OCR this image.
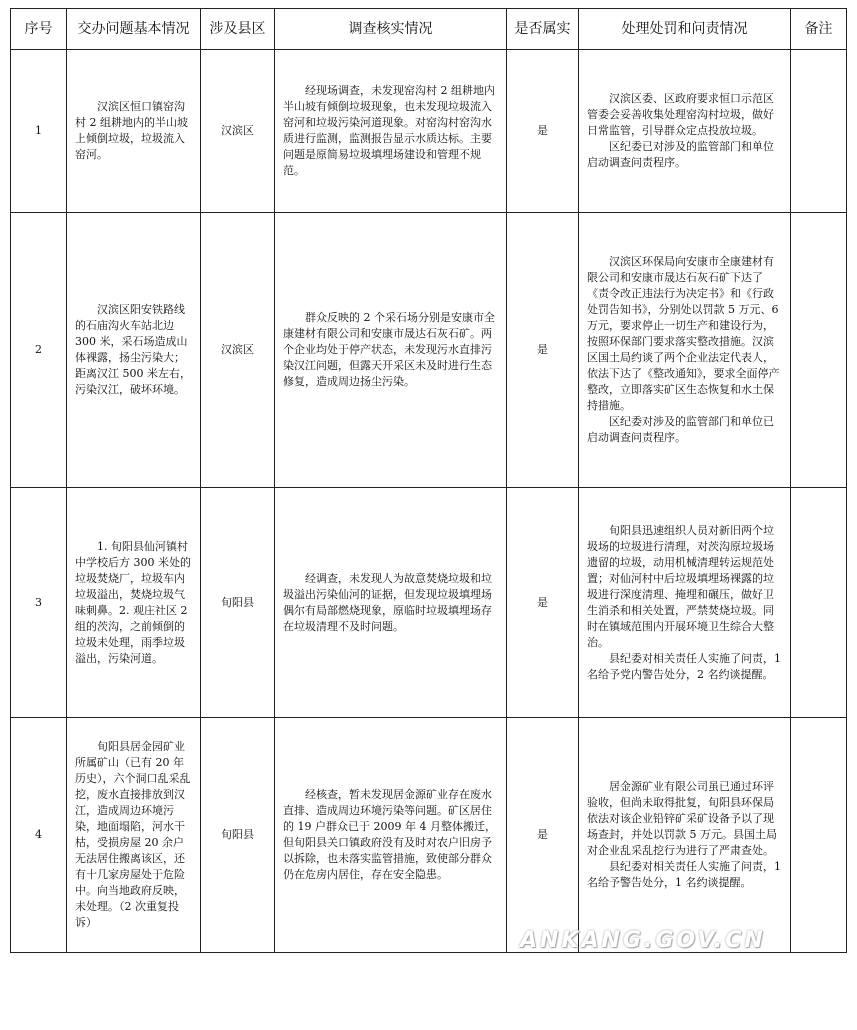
序号	交办问题基本情况	涉及县区	调查核实情况	是否属实	处理处罚和问责情况	备注
1	汉滨区恒口镇窑沟村 2 组耕地内的半山坡上倾倒垃圾，垃圾流入窑河。	汉滨区	经现场调查，未发现窑沟村 2 组耕地内半山坡有倾倒垃圾现象，也未发现垃圾流入窑河和垃圾污染河道现象。对窑沟村窑沟水质进行监测，监测报告显示水质达标。主要问题是原简易垃圾填埋场建设和管理不规范。	是	汉滨区委、区政府要求恒口示范区管委会妥善收集处理窑沟村垃圾，做好日常监管，引导群众定点投放垃圾。

区纪委已对涉及的监管部门和单位启动调查问责程序。	

2	汉滨区阳安铁路线的石庙沟火车站北边 300 米，采石场造成山体裸露，扬尘污染大；距离汉江 500 米左右，污染汉江，破坏环境。	汉滨区	群众反映的 2 个采石场分别是安康市全康建材有限公司和安康市晟达石灰石矿。两个企业均处于停产状态，未发现污水直排污染汉江问题，但露天开采区未及时进行生态修复，造成周边扬尘污染。	是	汉滨区环保局向安康市全康建材有限公司和安康市晟达石灰石矿下达了《责令改正违法行为决定书》和《行政处罚告知书》，分别处以罚款 5 万元、6 万元，要求停止一切生产和建设行为，按照环保部门要求落实整改措施。汉滨区国土局约谈了两个企业法定代表人，依法下达了《整改通知》，要求全面停产整改，立即落实矿区生态恢复和水土保持措施。

区纪委对涉及的监管部门和单位已启动调查问责程序。	

3	1. 旬阳县仙河镇村中学校后方 300 米处的垃圾焚烧厂，垃圾车内垃圾溢出，焚烧垃圾气味刺鼻。2. 观庄社区 2 组的茨沟，之前倾倒的垃圾未处理，雨季垃圾溢出，污染河道。	旬阳县	经调查，未发现人为故意焚烧垃圾和垃圾溢出污染仙河的证据，但发现垃圾填埋场偶尔有局部燃烧现象，原临时垃圾填埋场存在垃圾清理不及时问题。	是	旬阳县迅速组织人员对新旧两个垃圾场的垃圾进行清理，对茨沟原垃圾场遗留的垃圾，动用机械清理转运规范处置；对仙河村中后垃圾填埋场裸露的垃圾进行深度清理、掩埋和碾压，做好卫生消杀和相关处置，严禁焚烧垃圾。同时在镇域范围内开展环境卫生综合大整治。

县纪委对相关责任人实施了问责，1 名给予党内警告处分，2 名约谈提醒。	

4	旬阳县居金园矿业所属矿山（已有 20 年历史），六个洞口乱采乱挖，废水直接排放到汉江，造成周边环境污染，地面塌陷，河水干枯，受损房屋 20 余户无法居住搬离该区，还有十几家房屋处于危险中。向当地政府反映，未处理。（2 次重复投诉）	旬阳县	经核查，暂未发现居金源矿业存在废水直排、造成周边环境污染等问题。矿区居住的 19 户群众已于 2009 年 4 月整体搬迁，但旬阳县关口镇政府没有及时对农户旧房予以拆除，也未落实监管措施，致使部分群众仍在危房内居住，存在安全隐患。	是	居金源矿业有限公司虽已通过环评验收，但尚未取得批复，旬阳县环保局依法对该企业铅锌矿采矿设备予以了现场查封，并处以罚款 5 万元。县国土局对企业乱采乱挖行为进行了严肃查处。

县纪委对相关责任人实施了问责，1 名给予警告处分，1 名约谈提醒。	

ANKANG.GOV.CN
